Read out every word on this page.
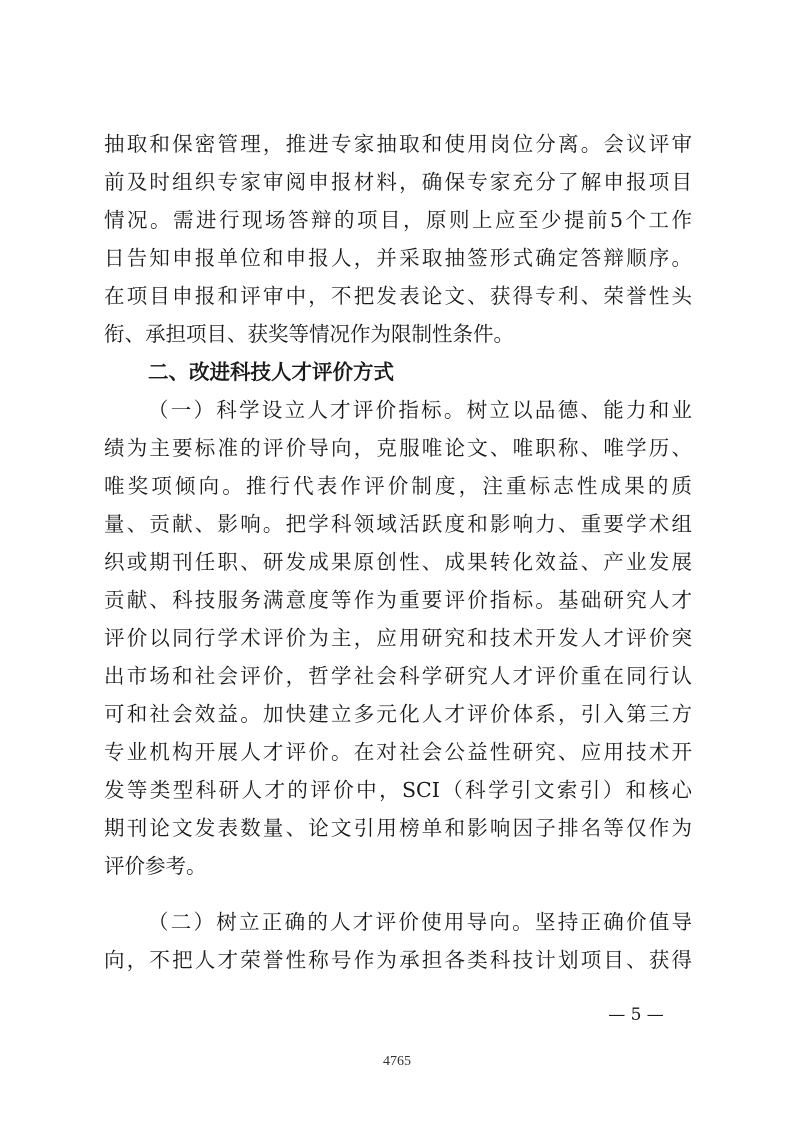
抽取和保密管理，推进专家抽取和使用岗位分离。会议评审
前及时组织专家审阅申报材料，确保专家充分了解申报项目
情况。需进行现场答辩的项目，原则上应至少提前5个工作
日告知申报单位和申报人，并采取抽签形式确定答辩顺序。
在项目申报和评审中，不把发表论文、获得专利、荣誉性头
衔、承担项目、获奖等情况作为限制性条件。
二、改进科技人才评价方式
（一）科学设立人才评价指标。树立以品德、能力和业
绩为主要标准的评价导向，克服唯论文、唯职称、唯学历、
唯奖项倾向。推行代表作评价制度，注重标志性成果的质
量、贡献、影响。把学科领域活跃度和影响力、重要学术组
织或期刊任职、研发成果原创性、成果转化效益、产业发展
贡献、科技服务满意度等作为重要评价指标。基础研究人才
评价以同行学术评价为主，应用研究和技术开发人才评价突
出市场和社会评价，哲学社会科学研究人才评价重在同行认
可和社会效益。加快建立多元化人才评价体系，引入第三方
专业机构开展人才评价。在对社会公益性研究、应用技术开
发等类型科研人才的评价中，SCI（科学引文索引）和核心
期刊论文发表数量、论文引用榜单和影响因子排名等仅作为
评价参考。
（二）树立正确的人才评价使用导向。坚持正确价值导
向，不把人才荣誉性称号作为承担各类科技计划项目、获得
— 5 —
4765
